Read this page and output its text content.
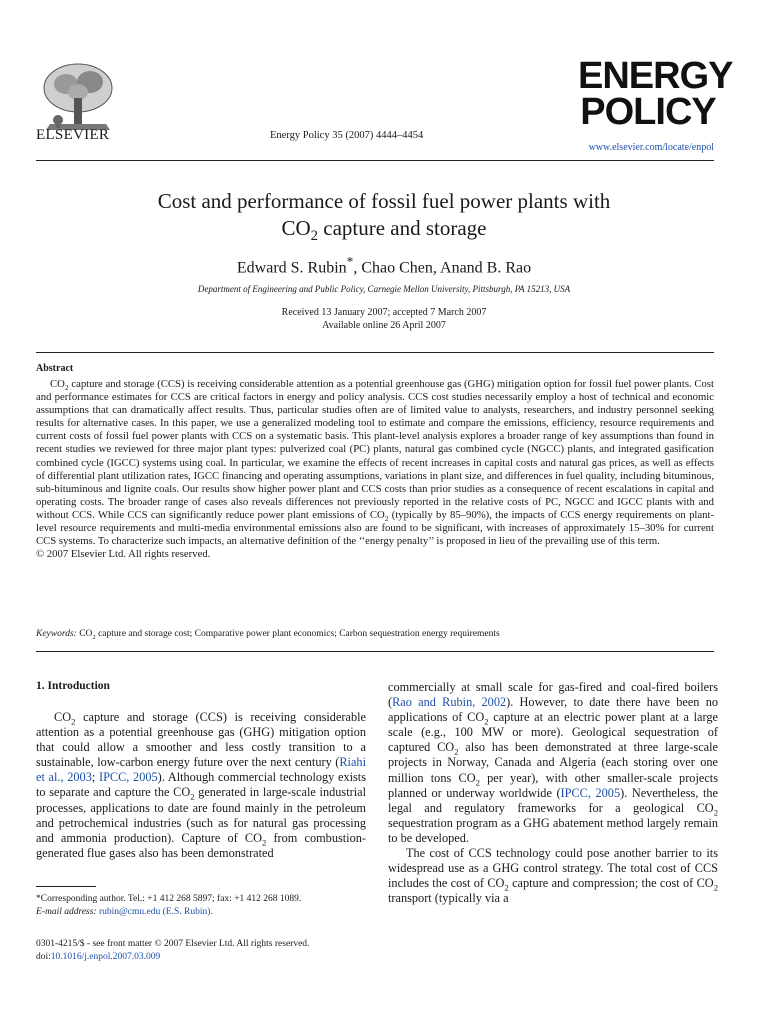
ELSEVIER	Energy Policy 35 (2007) 4444–4454
ENERGY
POLICY
www.elsevier.com/locate/enpol
Cost and performance of fossil fuel power plants with
$CO_2$ capture and storage
Edward S. Rubin*, Chao Chen, Anand B. Rao
Department of Engineering and Public Policy, Carnegie Mellon University, Pittsburgh, PA 15213, USA
Received 13 January 2007; accepted 7 March 2007
Available online 26 April 2007
Abstract

$CO_2$ capture and storage (CCS) is receiving considerable attention as a potential greenhouse gas (GHG) mitigation option for fossil fuel power plants. Cost and performance estimates for CCS are critical factors in energy and policy analysis. CCS cost studies necessarily employ a host of technical and economic assumptions that can dramatically affect results. Thus, particular studies often are of limited value to analysts, researchers, and industry personnel seeking results for alternative cases. In this paper, we use a generalized modeling tool to estimate and compare the emissions, efficiency, resource requirements and current costs of fossil fuel power plants with CCS on a systematic basis. This plant-level analysis explores a broader range of key assumptions than found in recent studies we reviewed for three major plant types: pulverized coal (PC) plants, natural gas combined cycle (NGCC) plants, and integrated gasification combined cycle (IGCC) systems using coal. In particular, we examine the effects of recent increases in capital costs and natural gas prices, as well as effects of differential plant utilization rates, IGCC financing and operating assumptions, variations in plant size, and differences in fuel quality, including bituminous, sub-bituminous and lignite coals. Our results show higher power plant and CCS costs than prior studies as a consequence of recent escalations in capital and operating costs. The broader range of cases also reveals differences not previously reported in the relative costs of PC, NGCC and IGCC plants with and without CCS. While CCS can significantly reduce power plant emissions of $CO_2$ (typically by 85–90%), the impacts of CCS energy requirements on plant-level resource requirements and multi-media environmental emissions also are found to be significant, with increases of approximately 15–30% for current CCS systems. To characterize such impacts, an alternative definition of the ‘‘energy penalty’’ is proposed in lieu of the prevailing use of this term.
© 2007 Elsevier Ltd. All rights reserved.

Keywords: $CO_2$ capture and storage cost; Comparative power plant economics; Carbon sequestration energy requirements
1. Introduction

$CO_2$ capture and storage (CCS) is receiving considerable attention as a potential greenhouse gas (GHG) mitigation option that could allow a smoother and less costly transition to a sustainable, low-carbon energy future over the next century (Riahi et al., 2003; IPCC, 2005). Although commercial technology exists to separate and capture the $CO_2$ generated in large-scale industrial processes, applications to date are found mainly in the petroleum and petrochemical industries (such as for natural gas processing and ammonia production). Capture of $CO_2$ from combustion-generated flue gases also has been demonstrated

commercially at small scale for gas-fired and coal-fired boilers (Rao and Rubin, 2002). However, to date there have been no applications of $CO_2$ capture at an electric power plant at a large scale (e.g., 100 MW or more). Geological sequestration of captured $CO_2$ also has been demonstrated at three large-scale projects in Norway, Canada and Algeria (each storing over one million tons $CO_2$ per year), with other smaller-scale projects planned or underway worldwide (IPCC, 2005). Nevertheless, the legal and regulatory frameworks for a geological $CO_2$ sequestration program as a GHG abatement method largely remain to be developed.
The cost of CCS technology could pose another barrier to its widespread use as a GHG control strategy. The total cost of CCS includes the cost of $CO_2$ capture and compression; the cost of $CO_2$ transport (typically via a

*Corresponding author. Tel.: +1 412 268 5897; fax: +1 412 268 1089.
E-mail address: rubin@cmu.edu (E.S. Rubin).
0301-4215/$ - see front matter © 2007 Elsevier Ltd. All rights reserved.
doi:10.1016/j.enpol.2007.03.009
